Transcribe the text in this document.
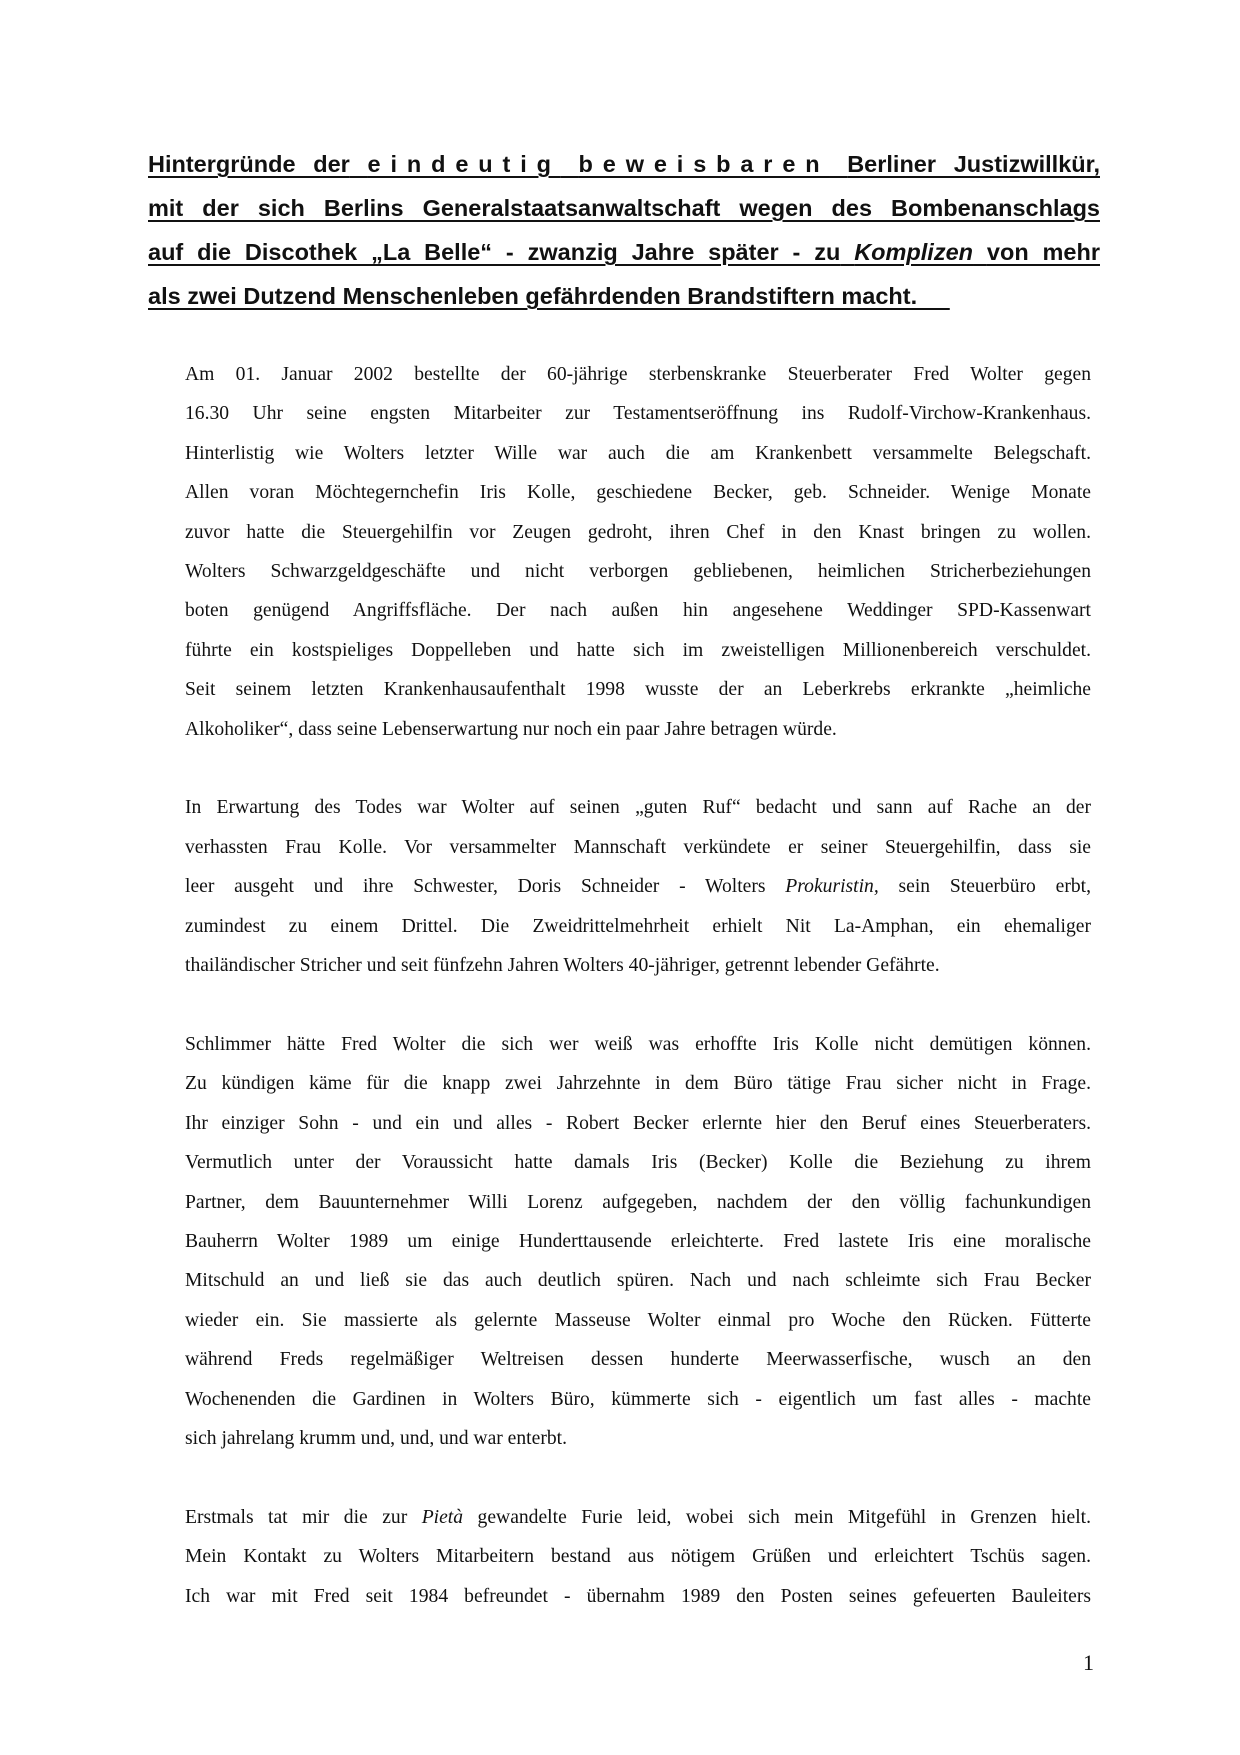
Hintergründe der eindeutig beweisbaren Berliner Justizwillkür,
mit der sich Berlins Generalstaatsanwaltschaft wegen des Bombenanschlags
auf die Discothek „La Belle“ - zwanzig Jahre später - zu Komplizen von mehr
als zwei Dutzend Menschenleben gefährdenden Brandstiftern macht.
Am 01. Januar 2002 bestellte der 60-jährige sterbenskranke Steuerberater Fred Wolter gegen
16.30 Uhr seine engsten Mitarbeiter zur Testamentseröffnung ins Rudolf-Virchow-Krankenhaus.
Hinterlistig wie Wolters letzter Wille war auch die am Krankenbett versammelte Belegschaft.
Allen voran Möchtegernchefin Iris Kolle, geschiedene Becker, geb. Schneider. Wenige Monate
zuvor hatte die Steuergehilfin vor Zeugen gedroht, ihren Chef in den Knast bringen zu wollen.
Wolters Schwarzgeldgeschäfte und nicht verborgen gebliebenen, heimlichen Stricherbeziehungen
boten genügend Angriffsfläche. Der nach außen hin angesehene Weddinger SPD-Kassenwart
führte ein kostspieliges Doppelleben und hatte sich im zweistelligen Millionenbereich verschuldet.
Seit seinem letzten Krankenhausaufenthalt 1998 wusste der an Leberkrebs erkrankte „heimliche
Alkoholiker“, dass seine Lebenserwartung nur noch ein paar Jahre betragen würde.
In Erwartung des Todes war Wolter auf seinen „guten Ruf“ bedacht und sann auf Rache an der
verhassten Frau Kolle. Vor versammelter Mannschaft verkündete er seiner Steuergehilfin, dass sie
leer ausgeht und ihre Schwester, Doris Schneider - Wolters Prokuristin, sein Steuerbüro erbt,
zumindest zu einem Drittel. Die Zweidrittelmehrheit erhielt Nit La-Amphan, ein ehemaliger
thailändischer Stricher und seit fünfzehn Jahren Wolters 40-jähriger, getrennt lebender Gefährte.
Schlimmer hätte Fred Wolter die sich wer weiß was erhoffte Iris Kolle nicht demütigen können.
Zu kündigen käme für die knapp zwei Jahrzehnte in dem Büro tätige Frau sicher nicht in Frage.
Ihr einziger Sohn - und ein und alles - Robert Becker erlernte hier den Beruf eines Steuerberaters.
Vermutlich unter der Voraussicht hatte damals Iris (Becker) Kolle die Beziehung zu ihrem
Partner, dem Bauunternehmer Willi Lorenz aufgegeben, nachdem der den völlig fachunkundigen
Bauherrn Wolter 1989 um einige Hunderttausende erleichterte. Fred lastete Iris eine moralische
Mitschuld an und ließ sie das auch deutlich spüren. Nach und nach schleimte sich Frau Becker
wieder ein. Sie massierte als gelernte Masseuse Wolter einmal pro Woche den Rücken. Fütterte
während Freds regelmäßiger Weltreisen dessen hunderte Meerwasserfische, wusch an den
Wochenenden die Gardinen in Wolters Büro, kümmerte sich - eigentlich um fast alles - machte
sich jahrelang krumm und, und, und war enterbt.
Erstmals tat mir die zur Pietà gewandelte Furie leid, wobei sich mein Mitgefühl in Grenzen hielt.
Mein Kontakt zu Wolters Mitarbeitern bestand aus nötigem Grüßen und erleichtert Tschüs sagen.
Ich war mit Fred seit 1984 befreundet - übernahm 1989 den Posten seines gefeuerten Bauleiters
1
